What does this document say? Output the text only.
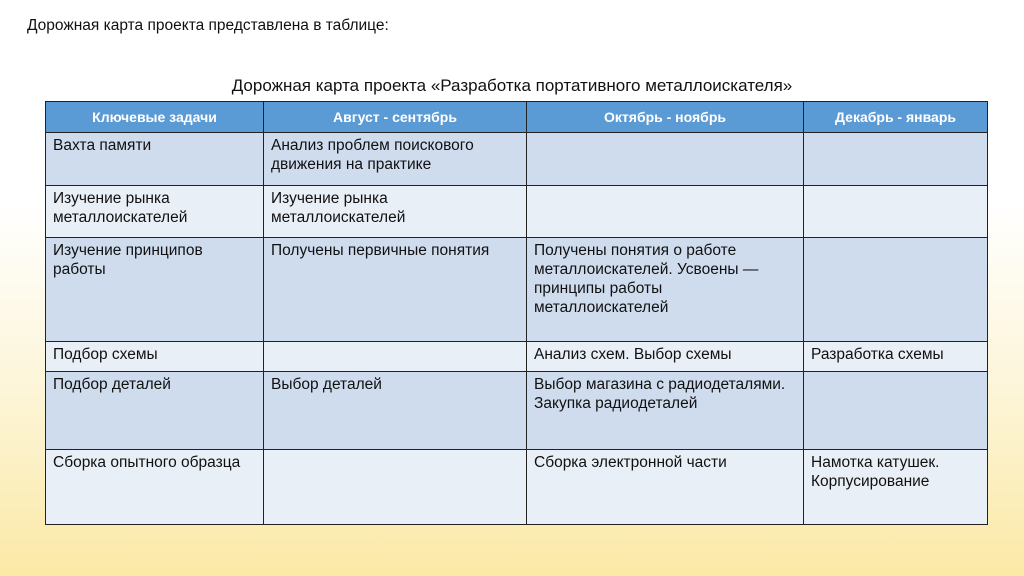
Дорожная карта проекта представлена в таблице:
Дорожная карта проекта «Разработка портативного металлоискателя»
Ключевые задачи	Август - сентябрь	Октябрь - ноябрь	Декабрь - январь
Вахта памяти	Анализ проблем поискового движения на практике		
Изучение рынка металлоискателей	Изучение рынка металлоискателей		
Изучение принципов работы	Получены первичные понятия	Получены понятия о работе металлоискателей. Усвоены — принципы работы металлоискателей	
Подбор схемы		Анализ схем. Выбор схемы	Разработка схемы
Подбор деталей	Выбор деталей	Выбор магазина с радиодеталями. Закупка радиодеталей	
Сборка опытного образца		Сборка электронной части	Намотка катушек. Корпусирование
